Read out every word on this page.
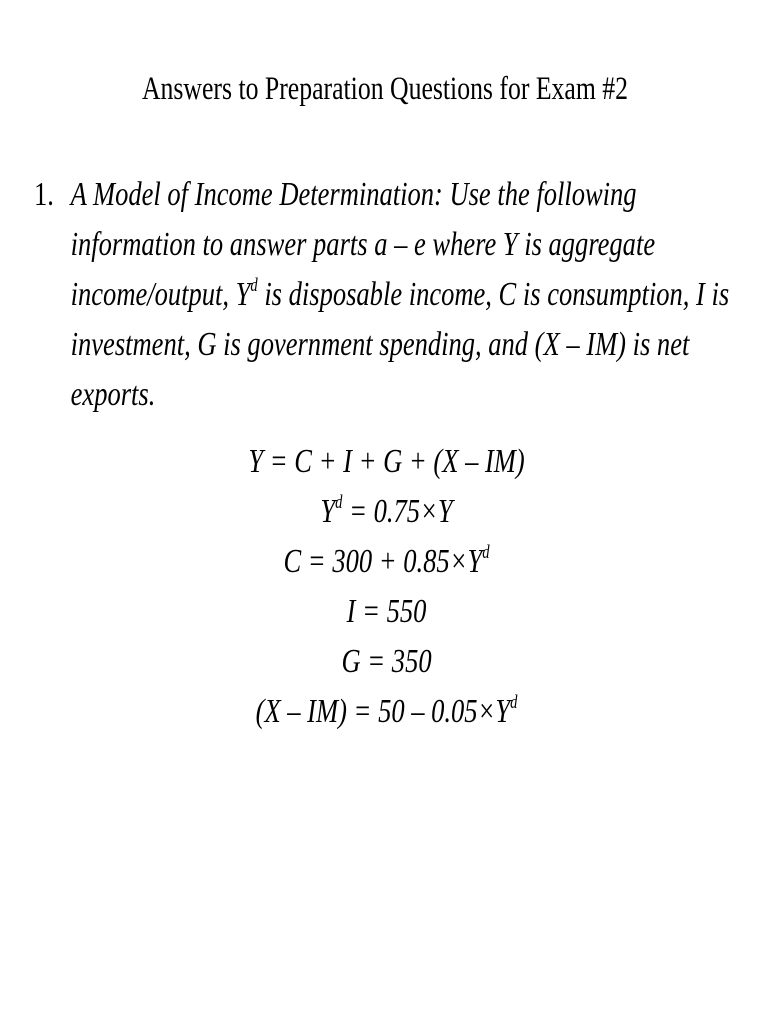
Answers to Preparation Questions for Exam #2
1. A Model of Income Determination: Use the following
information to answer parts a – e where Y is aggregate
income/output, $Y^d$ is disposable income, C is consumption, I is
investment, G is government spending, and (X – IM) is net
exports.
Y = C + I + G + (X – IM)
$Y^d = 0.75\times Y$
$C = 300 + 0.85\times Y^d$
I = 550
G = 350
$(X - IM) = 50 - 0.05\times Y^d$
